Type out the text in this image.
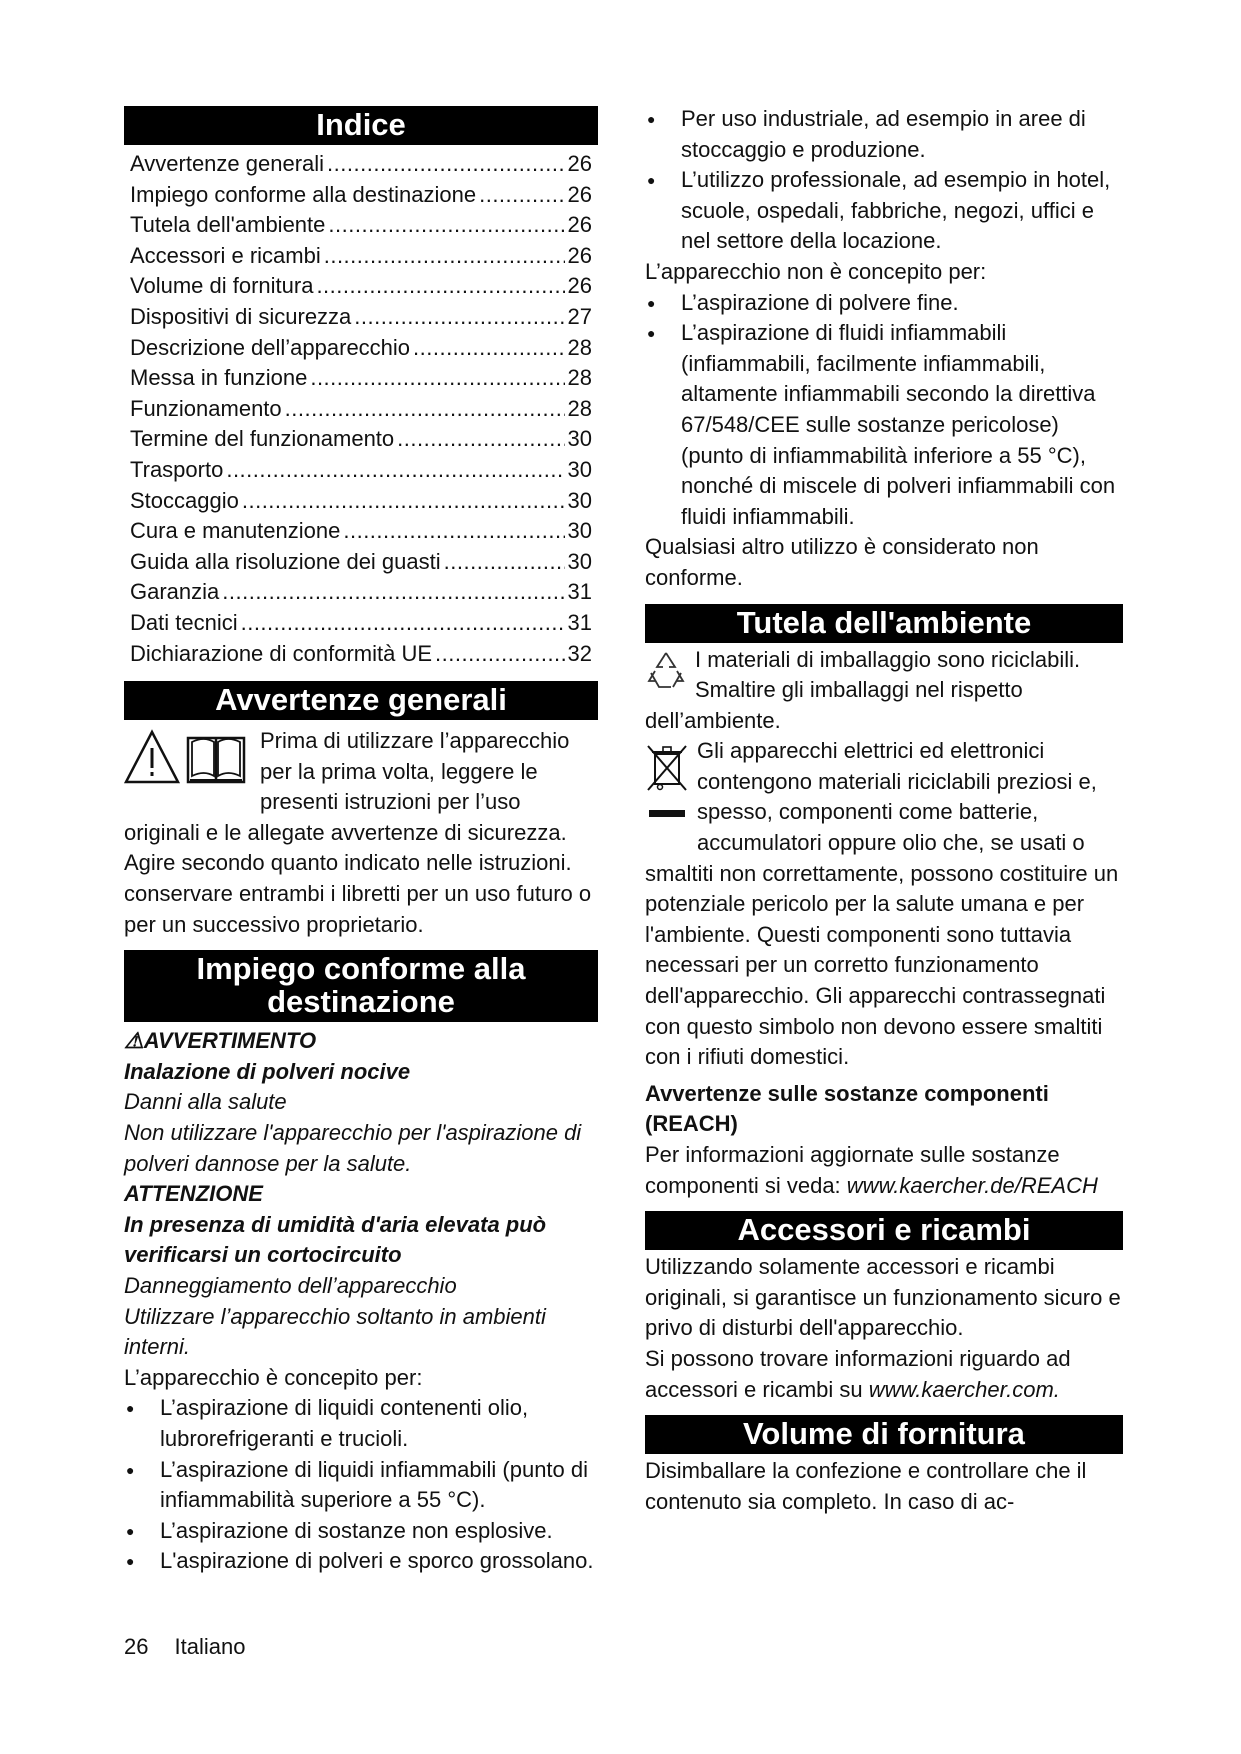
Indice
Avvertenze generali .....	26
Impiego conforme alla destinazione .....	26
Tutela dell'ambiente .....	26
Accessori e ricambi .....	26
Volume di fornitura .....	26
Dispositivi di sicurezza .....	27
Descrizione dell’apparecchio .....	28
Messa in funzione .....	28
Funzionamento .....	28
Termine del funzionamento .....	30
Trasporto .....	30
Stoccaggio .....	30
Cura e manutenzione .....	30
Guida alla risoluzione dei guasti .....	30
Garanzia .....	31
Dati tecnici .....	31
Dichiarazione di conformità UE .....	32
Avvertenze generali

Prima di utilizzare l’apparecchio per la prima volta, leggere le presenti istruzioni per l’uso originali e le allegate avvertenze di sicurezza. Agire secondo quanto indicato nelle istruzioni. conservare entrambi i libretti per un uso futuro o per un successivo proprietario.

Impiego conforme alla
destinazione

⚠AVVERTIMENTO

Inalazione di polveri nocive

Danni alla salute

Non utilizzare l'apparecchio per l'aspirazione di polveri dannose per la salute.

ATTENZIONE

In presenza di umidità d'aria elevata può verificarsi un cortocircuito

Danneggiamento dell’apparecchio

Utilizzare l’apparecchio soltanto in ambienti interni.

L’apparecchio è concepito per:

● L’aspirazione di liquidi contenenti olio, lubrorefrigeranti e trucioli.
● L’aspirazione di liquidi infiammabili (punto di infiammabilità superiore a 55 °C).
● L’aspirazione di sostanze non esplosive.
● L'aspirazione di polveri e sporco grossolano.
● Per uso industriale, ad esempio in aree di stoccaggio e produzione.
● L’utilizzo professionale, ad esempio in hotel, scuole, ospedali, fabbriche, negozi, uffici e nel settore della locazione.

L’apparecchio non è concepito per:

● L’aspirazione di polvere fine.
● L’aspirazione di fluidi infiammabili (infiammabili, facilmente infiammabili, altamente infiammabili secondo la direttiva 67/548/CEE sulle sostanze pericolose) (punto di infiammabilità inferiore a 55 °C), nonché di miscele di polveri infiammabili con fluidi infiammabili.

Qualsiasi altro utilizzo è considerato non conforme.

Tutela dell'ambiente

I materiali di imballaggio sono riciclabili. Smaltire gli imballaggi nel rispetto dell’ambiente.

Gli apparecchi elettrici ed elettronici contengono materiali riciclabili preziosi e, spesso, componenti come batterie, accumulatori oppure olio che, se usati o smaltiti non correttamente, possono costituire un potenziale pericolo per la salute umana e per l'ambiente. Questi componenti sono tuttavia necessari per un corretto funzionamento dell'apparecchio. Gli apparecchi contrassegnati con questo simbolo non devono essere smaltiti con i rifiuti domestici.

Avvertenze sulle sostanze componenti (REACH)

Per informazioni aggiornate sulle sostanze componenti si veda: www.kaercher.de/REACH

Accessori e ricambi

Utilizzando solamente accessori e ricambi originali, si garantisce un funzionamento sicuro e privo di disturbi dell'apparecchio.

Si possono trovare informazioni riguardo ad accessori e ricambi su www.kaercher.com.

Volume di fornitura

Disimballare la confezione e controllare che il contenuto sia completo. In caso di ac-

26 Italiano
